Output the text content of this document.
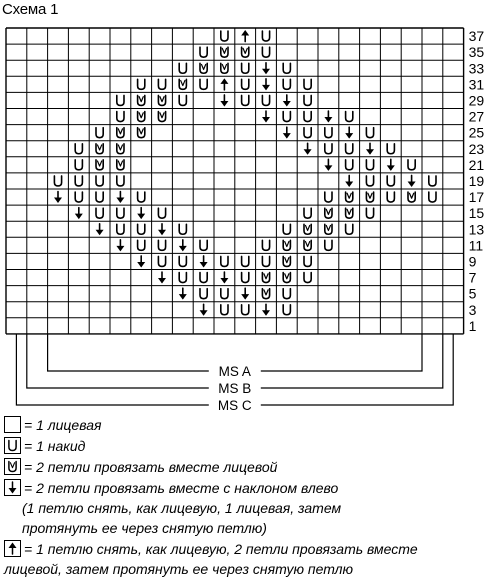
Схема 1
37
35
33
31
29
27
25
23
21
19
17
15
13
11
9
7
5
3
1
MS A
MS B
MS C
= 1 лицевая
= 1 накид
= 2 петли провязать вместе лицевой
= 2 петли провязать вместе с наклоном влево
(1 петлю снять, как лицевую, 1 лицевая, затем
протянуть ее через снятую петлю)
= 1 петлю снять, как лицевую, 2 петли провязать вместе
лицевой, затем протянуть ее через снятую петлю
